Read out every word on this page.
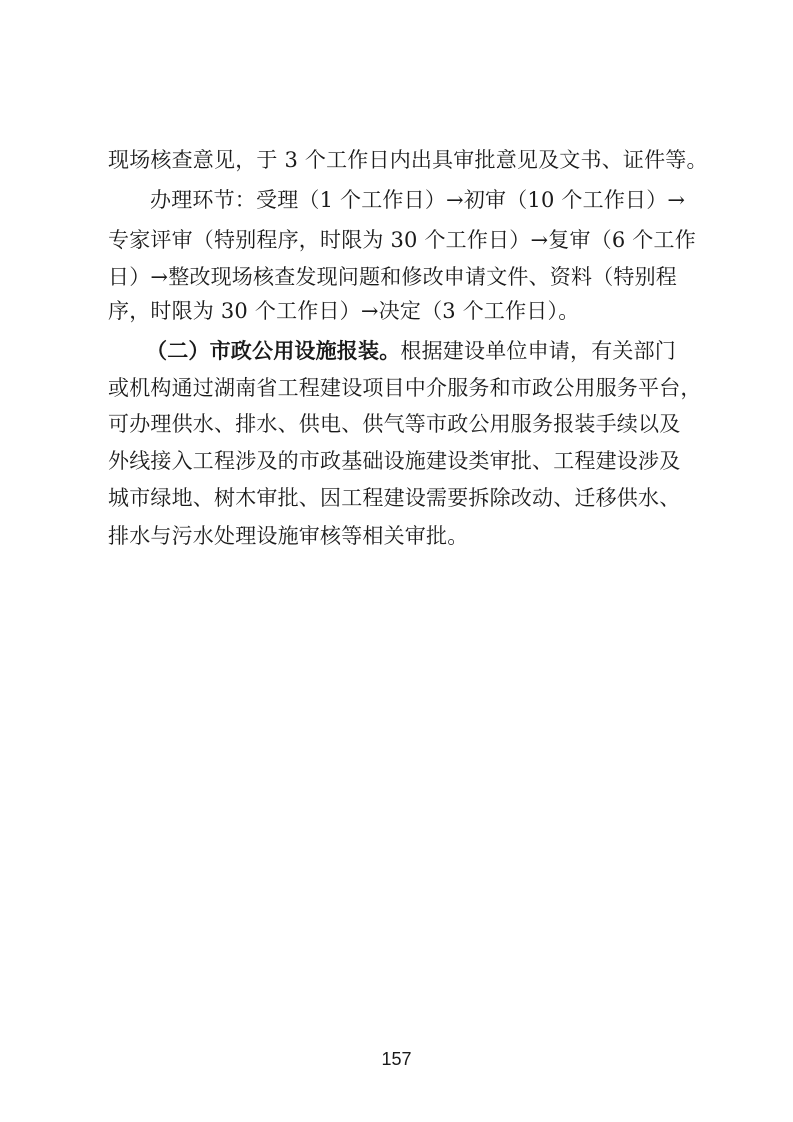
现场核查意见，于 3 个工作日内出具审批意见及文书、证件等。
办理环节：受理（1 个工作日）→初审（10 个工作日）→
专家评审（特别程序，时限为 30 个工作日）→复审（6 个工作
日）→整改现场核查发现问题和修改申请文件、资料（特别程
序，时限为 30 个工作日）→决定（3 个工作日）。
（二）市政公用设施报装。根据建设单位申请，有关部门
或机构通过湖南省工程建设项目中介服务和市政公用服务平台，
可办理供水、排水、供电、供气等市政公用服务报装手续以及
外线接入工程涉及的市政基础设施建设类审批、工程建设涉及
城市绿地、树木审批、因工程建设需要拆除改动、迁移供水、
排水与污水处理设施审核等相关审批。
157
